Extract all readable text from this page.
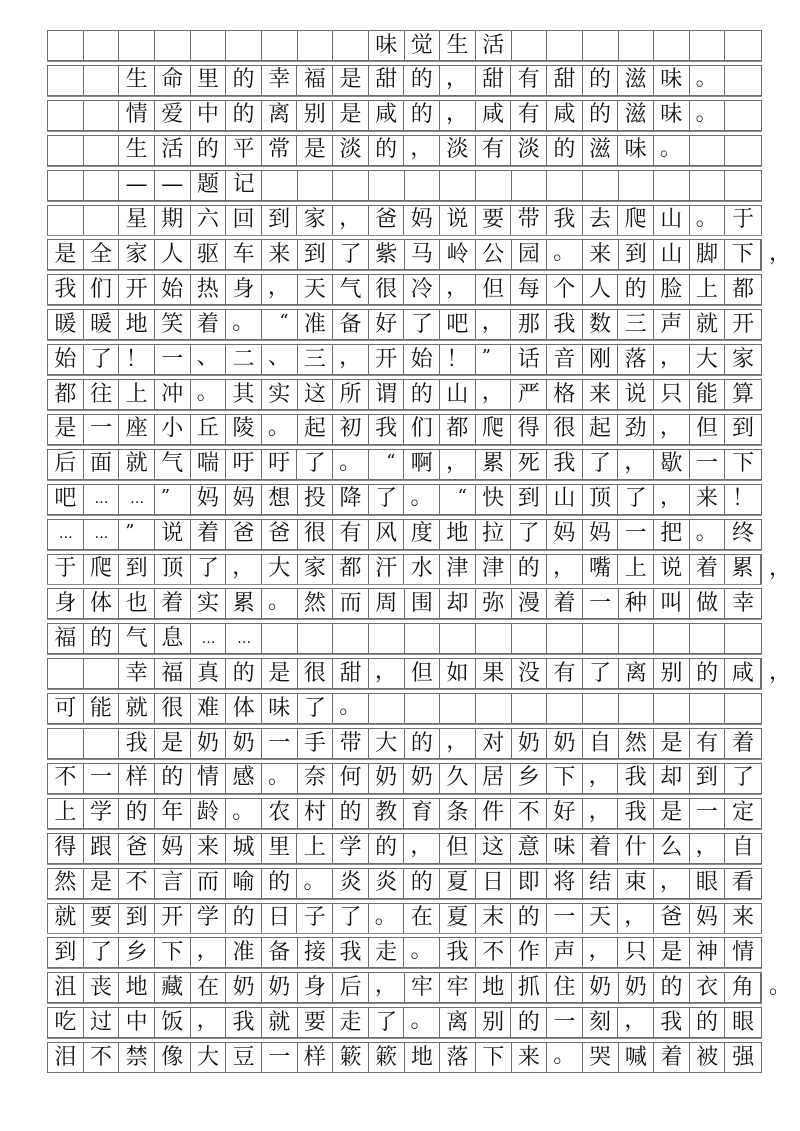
味 觉 生 活
生 命 里 的 幸 福 是 甜 的 ， 甜 有 甜 的 滋 味 。
情 爱 中 的 离 别 是 咸 的 ， 咸 有 咸 的 滋 味 。
生 活 的 平 常 是 淡 的 ， 淡 有 淡 的 滋 味 。
— — 题 记
星 期 六 回 到 家 ， 爸 妈 说 要 带 我 去 爬 山 。 于
是 全 家 人 驱 车 来 到 了 紫 马 岭 公 园 。 来 到 山 脚 下 ，
我 们 开 始 热 身 ， 天 气 很 冷 ， 但 每 个 人 的 脸 上 都
暖 暖 地 笑 着 。	“ 准 备 好 了 吧 ， 那 我 数 三 声 就 开
始 了 ！ 一 、 二 、 三 ， 开 始 ！ ”	话 音 刚 落 ， 大 家
都 往 上 冲 。 其 实 这 所 谓 的 山 ， 严 格 来 说 只 能 算
是 一 座 小 丘 陵 。 起 初 我 们 都 爬 得 很 起 劲 ， 但 到
后 面 就 气 喘 吁 吁 了 。	“ 啊 ， 累 死 我 了 ， 歇 一 下
吧	…	… ”	妈 妈 想 投 降 了 。	“ 快 到 山 顶 了 ， 来 ！
…	… ”	说 着 爸 爸 很 有 风 度 地 拉 了 妈 妈 一 把 。 终
于 爬 到 顶 了 ， 大 家 都 汗 水 津 津 的 ， 嘴 上 说 着 累 ，
身 体 也 着 实 累 。 然 而 周 围 却 弥 漫 着 一 种 叫 做 幸
福 的 气 息	…	…
幸 福 真 的 是 很 甜 ， 但 如 果 没 有 了 离 别 的 咸 ，
可 能 就 很 难 体 味 了 。
我 是 奶 奶 一 手 带 大 的 ， 对 奶 奶 自 然 是 有 着
不 一 样 的 情 感 。 奈 何 奶 奶 久 居 乡 下 ， 我 却 到 了
上 学 的 年 龄 。 农 村 的 教 育 条 件 不 好 ， 我 是 一 定
得 跟 爸 妈 来 城 里 上 学 的 ， 但 这 意 味 着 什 么 ， 自
然 是 不 言 而 喻 的 。 炎 炎 的 夏 日 即 将 结 束 ， 眼 看
就 要 到 开 学 的 日 子 了 。 在 夏 末 的 一 天 ， 爸 妈 来
到 了 乡 下 ， 准 备 接 我 走 。 我 不 作 声 ， 只 是 神 情
沮 丧 地 藏 在 奶 奶 身 后 ， 牢 牢 地 抓 住 奶 奶 的 衣 角 。
吃 过 中 饭 ， 我 就 要 走 了 。 离 别 的 一 刻 ， 我 的 眼
泪 不 禁 像 大 豆 一 样 簌 簌 地 落 下 来 。 哭 喊 着 被 强
